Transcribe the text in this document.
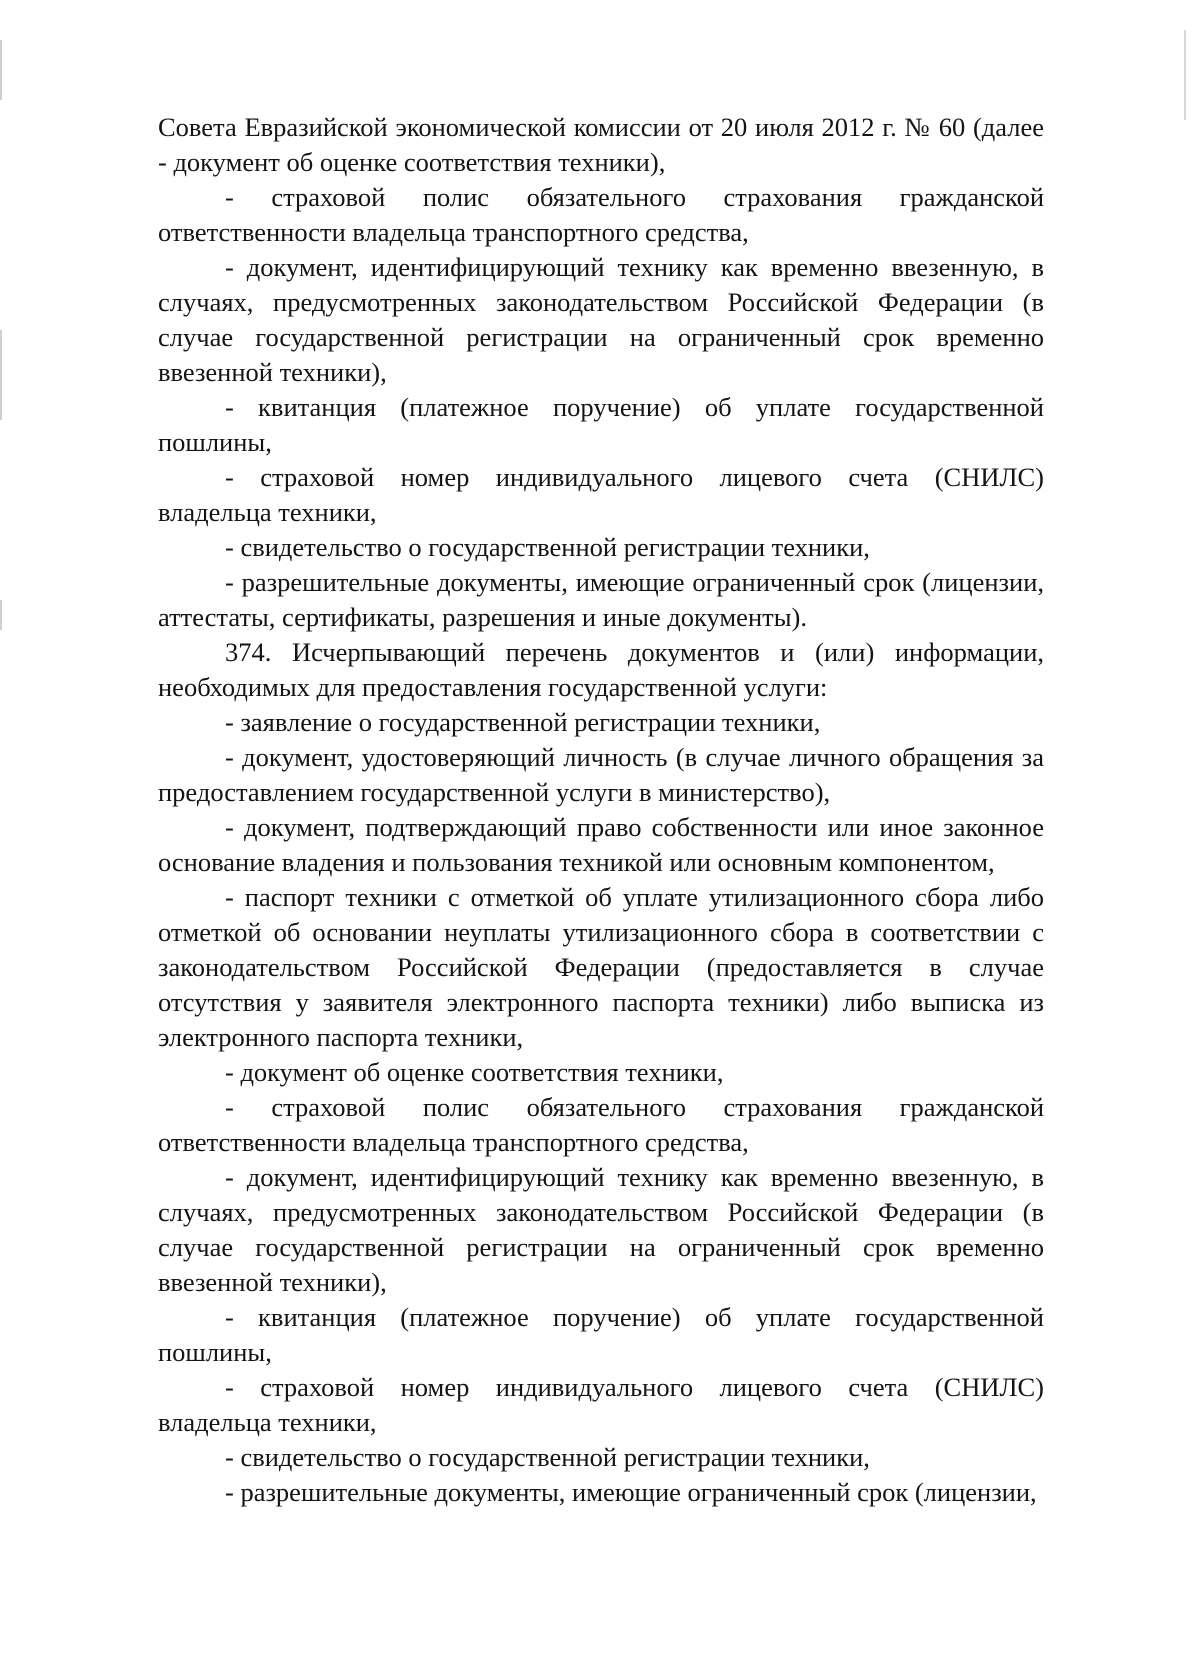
Совета Евразийской экономической комиссии от 20 июля 2012 г. № 60 (далее - документ об оценке соответствия техники),

- страховой полис обязательного страхования гражданской ответственности владельца транспортного средства,

- документ, идентифицирующий технику как временно ввезенную, в случаях, предусмотренных законодательством Российской Федерации (в случае государственной регистрации на ограниченный срок временно ввезенной техники),

- квитанция (платежное поручение) об уплате государственной пошлины,

- страховой номер индивидуального лицевого счета (СНИЛС) владельца техники,

- свидетельство о государственной регистрации техники,

- разрешительные документы, имеющие ограниченный срок (лицензии, аттестаты, сертификаты, разрешения и иные документы).

374. Исчерпывающий перечень документов и (или) информации, необходимых для предоставления государственной услуги:

- заявление о государственной регистрации техники,

- документ, удостоверяющий личность (в случае личного обращения за предоставлением государственной услуги в министерство),

- документ, подтверждающий право собственности или иное законное основание владения и пользования техникой или основным компонентом,

- паспорт техники с отметкой об уплате утилизационного сбора либо отметкой об основании неуплаты утилизационного сбора в соответствии с законодательством Российской Федерации (предоставляется в случае отсутствия у заявителя электронного паспорта техники) либо выписка из электронного паспорта техники,

- документ об оценке соответствия техники,

- страховой полис обязательного страхования гражданской ответственности владельца транспортного средства,

- документ, идентифицирующий технику как временно ввезенную, в случаях, предусмотренных законодательством Российской Федерации (в случае государственной регистрации на ограниченный срок временно ввезенной техники),

- квитанция (платежное поручение) об уплате государственной пошлины,

- страховой номер индивидуального лицевого счета (СНИЛС) владельца техники,

- свидетельство о государственной регистрации техники,

- разрешительные документы, имеющие ограниченный срок (лицензии,
